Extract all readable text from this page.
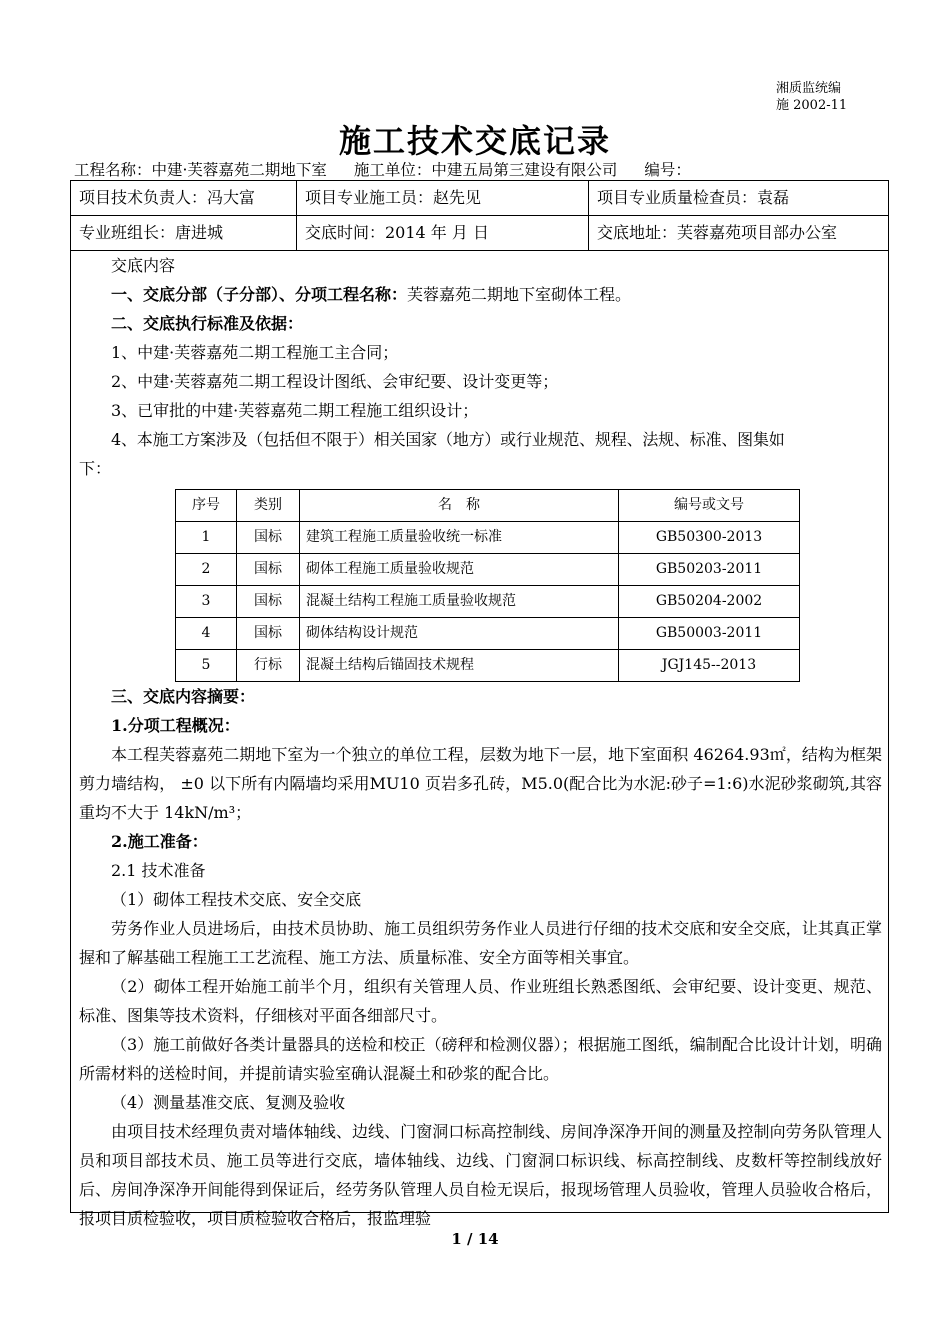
湘质监统编
施 2002-11
施工技术交底记录
工程名称：中建·芙蓉嘉苑二期地下室 施工单位：中建五局第三建设有限公司 编号：
项目技术负责人：冯大富	项目专业施工员：赵先见	项目专业质量检查员：袁磊
专业班组长：唐进城	交底时间：2014 年 月 日	交底地址：芙蓉嘉苑项目部办公室

交底内容

一、交底分部（子分部）、分项工程名称：芙蓉嘉苑二期地下室砌体工程。

二、交底执行标准及依据：

1、中建·芙蓉嘉苑二期工程施工主合同；

2、中建·芙蓉嘉苑二期工程设计图纸、会审纪要、设计变更等；

3、已审批的中建·芙蓉嘉苑二期工程施工组织设计；

4、本施工方案涉及（包括但不限于）相关国家（地方）或行业规范、规程、法规、标准、图集如

下：

序号	类别	名　称	编号或文号
1	国标	建筑工程施工质量验收统一标准	GB50300-2013
2	国标	砌体工程施工质量验收规范	GB50203-2011
3	国标	混凝土结构工程施工质量验收规范	GB50204-2002
4	国标	砌体结构设计规范	GB50003-2011
5	行标	混凝土结构后锚固技术规程	JGJ145--2013

三、交底内容摘要：

1.分项工程概况：

本工程芙蓉嘉苑二期地下室为一个独立的单位工程，层数为地下一层，地下室面积 46264.93㎡，结构为框架剪力墙结构， ±0 以下所有内隔墙均采用MU10 页岩多孔砖，M5.0(配合比为水泥:砂子=1:6)水泥砂浆砌筑,其容重均不大于 14kN/m³；

2.施工准备：

2.1 技术准备

（1）砌体工程技术交底、安全交底

劳务作业人员进场后，由技术员协助、施工员组织劳务作业人员进行仔细的技术交底和安全交底，让其真正掌握和了解基础工程施工工艺流程、施工方法、质量标准、安全方面等相关事宜。

（2）砌体工程开始施工前半个月，组织有关管理人员、作业班组长熟悉图纸、会审纪要、设计变更、规范、标准、图集等技术资料，仔细核对平面各细部尺寸。

（3）施工前做好各类计量器具的送检和校正（磅秤和检测仪器）；根据施工图纸，编制配合比设计计划，明确所需材料的送检时间，并提前请实验室确认混凝土和砂浆的配合比。

（4）测量基准交底、复测及验收

由项目技术经理负责对墙体轴线、边线、门窗洞口标高控制线、房间净深净开间的测量及控制向劳务队管理人员和项目部技术员、施工员等进行交底，墙体轴线、边线、门窗洞口标识线、标高控制线、皮数杆等控制线放好后、房间净深净开间能得到保证后，经劳务队管理人员自检无误后，报现场管理人员验收，管理人员验收合格后，报项目质检验收，项目质检验收合格后，报监理验

1 / 14
